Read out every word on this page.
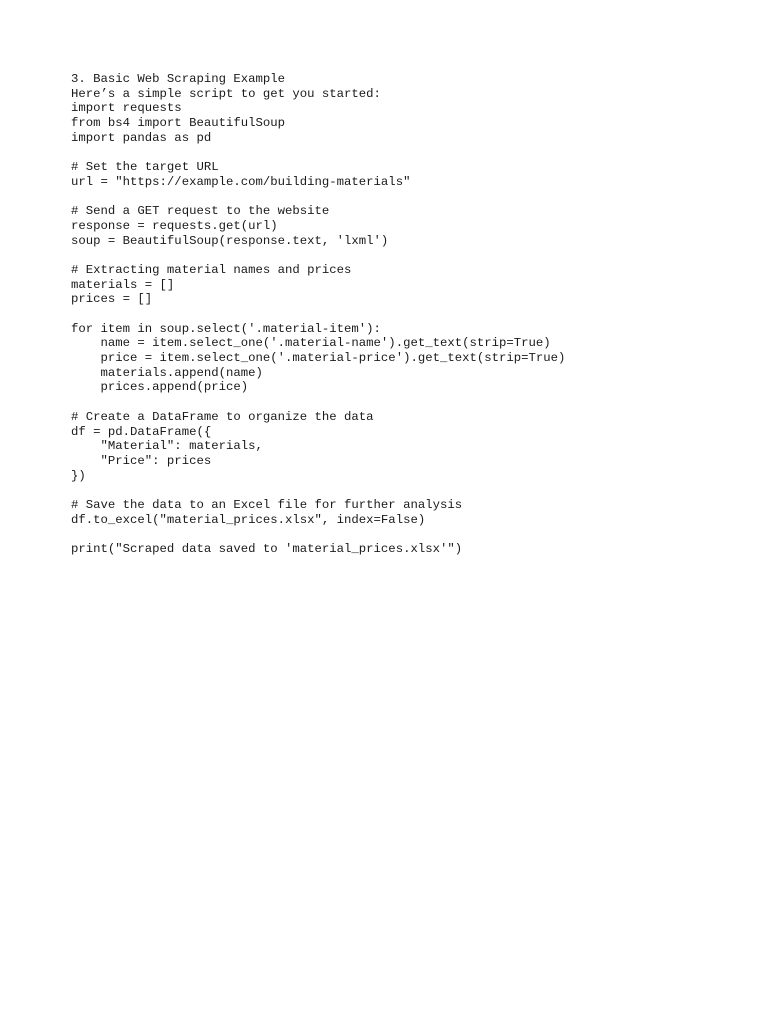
3. Basic Web Scraping Example
Here’s a simple script to get you started:
import requests
from bs4 import BeautifulSoup
import pandas as pd
# Set the target URL
url = "https://example.com/building-materials"
# Send a GET request to the website
response = requests.get(url)
soup = BeautifulSoup(response.text, 'lxml')
# Extracting material names and prices
materials = []
prices = []
for item in soup.select('.material-item'):
name = item.select_one('.material-name').get_text(strip=True)
price = item.select_one('.material-price').get_text(strip=True)
materials.append(name)
prices.append(price)
# Create a DataFrame to organize the data
df = pd.DataFrame({
"Material": materials,
"Price": prices
})
# Save the data to an Excel file for further analysis
df.to_excel("material_prices.xlsx", index=False)
print("Scraped data saved to 'material_prices.xlsx'")
